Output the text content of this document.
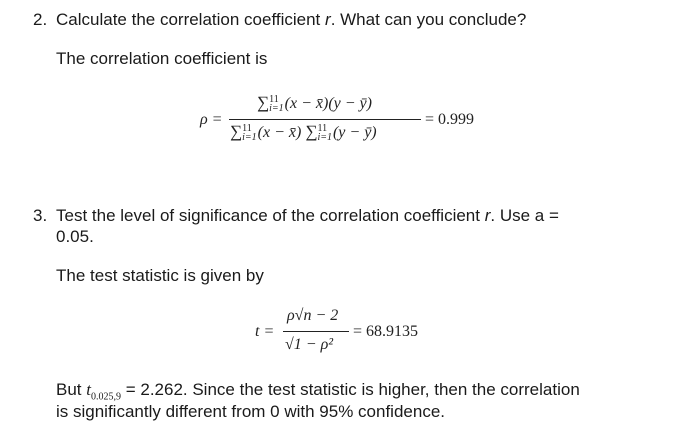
2. Calculate the correlation coefficient r. What can you conclude?
The correlation coefficient is
ρ =
∑ 11
i=1 (x − x̄)(y − ȳ)
∑ 11
i=1 (x − x̄) ∑ 11
i=1 (y − ȳ)
= 0.999
3. Test the level of significance of the correlation coefficient r. Use a =
0.05.
The test statistic is given by
t =
ρ√n − 2
√1 − ρ²
= 68.9135
But $t_{0.025,9} = 2.262$. Since the test statistic is higher, then the correlation
is significantly different from 0 with 95% confidence.
